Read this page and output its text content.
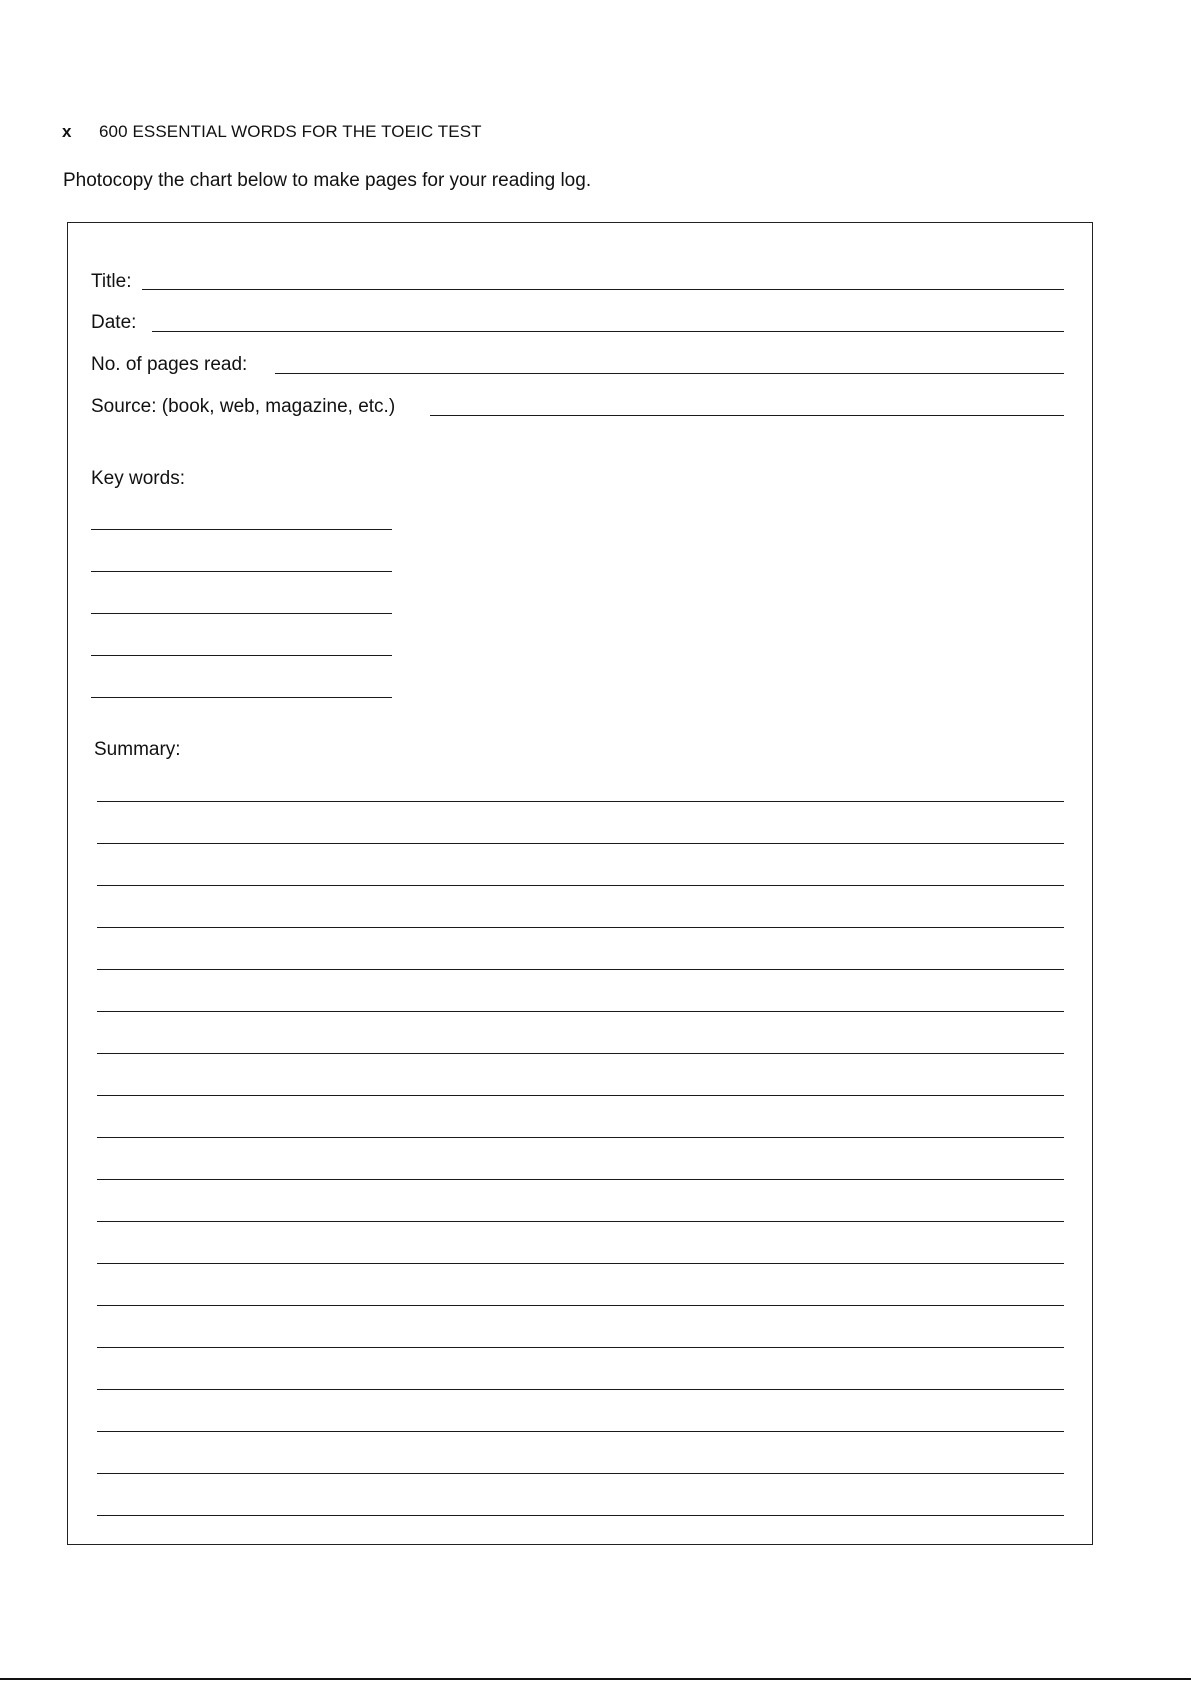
x 600 ESSENTIAL WORDS FOR THE TOEIC TEST
Photocopy the chart below to make pages for your reading log.
Title:
Date:
No. of pages read:
Source: (book, web, magazine, etc.)
Key words:
Summary:
